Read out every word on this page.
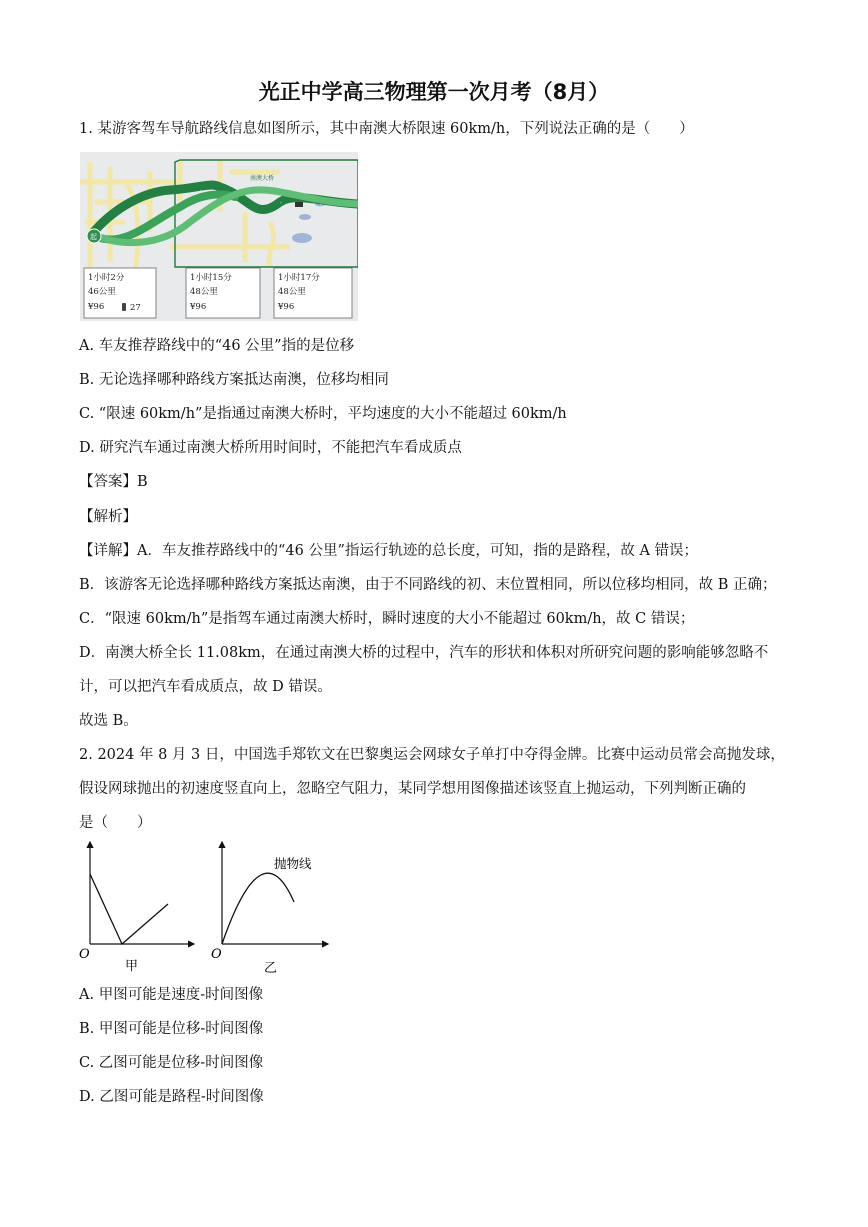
光正中学高三物理第一次月考（8月）
1. 某游客驾车导航路线信息如图所示，其中南澳大桥限速 60km/h，下列说法正确的是（　　）
›
›	›
›
南澳大桥
起
1小时2分
46公里
¥96	27
1小时15分
48公里
¥96
1小时17分
48公里
¥96
A. 车友推荐路线中的“46 公里”指的是位移
B. 无论选择哪种路线方案抵达南澳，位移均相同
C. “限速 60km/h”是指通过南澳大桥时，平均速度的大小不能超过 60km/h
D. 研究汽车通过南澳大桥所用时间时，不能把汽车看成质点
【答案】B
【解析】
【详解】A．车友推荐路线中的“46 公里”指运行轨迹的总长度，可知，指的是路程，故 A 错误；
B．该游客无论选择哪种路线方案抵达南澳，由于不同路线的初、末位置相同，所以位移均相同，故 B 正确；
C．“限速 60km/h”是指驾车通过南澳大桥时，瞬时速度的大小不能超过 60km/h，故 C 错误；
D．南澳大桥全长 11.08km，在通过南澳大桥的过程中，汽车的形状和体积对所研究问题的影响能够忽略不
计，可以把汽车看成质点，故 D 错误。
故选 B。
2. 2024 年 8 月 3 日，中国选手郑钦文在巴黎奥运会网球女子单打中夺得金牌。比赛中运动员常会高抛发球，
假设网球抛出的初速度竖直向上，忽略空气阻力，某同学想用图像描述该竖直上抛运动，下列判断正确的
是（　　）
O
甲
抛物线
O
乙
A. 甲图可能是速度-时间图像
B. 甲图可能是位移-时间图像
C. 乙图可能是位移-时间图像
D. 乙图可能是路程-时间图像
